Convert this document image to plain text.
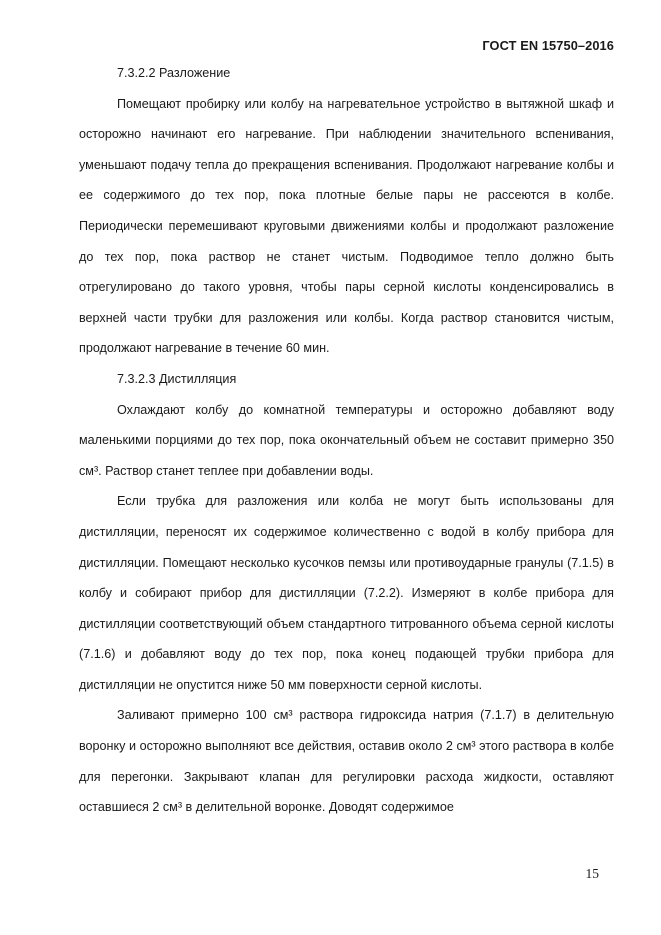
ГОСТ EN 15750–2016

7.3.2.2 Разложение

Помещают пробирку или колбу на нагревательное устройство в вытяжной шкаф и осторожно начинают его нагревание. При наблюдении значительного вспенивания, уменьшают подачу тепла до прекращения вспенивания. Продолжают нагревание колбы и ее содержимого до тех пор, пока плотные белые пары не рассеются в колбе. Периодически перемешивают круговыми движениями колбы и продолжают разложение до тех пор, пока раствор не станет чистым. Подводимое тепло должно быть отрегулировано до такого уровня, чтобы пары серной кислоты конденсировались в верхней части трубки для разложения или колбы. Когда раствор становится чистым, продолжают нагревание в течение 60 мин.

7.3.2.3 Дистилляция

Охлаждают колбу до комнатной температуры и осторожно добавляют воду маленькими порциями до тех пор, пока окончательный объем не составит примерно 350 см³. Раствор станет теплее при добавлении воды.

Если трубка для разложения или колба не могут быть использованы для дистилляции, переносят их содержимое количественно с водой в колбу прибора для дистилляции. Помещают несколько кусочков пемзы или противоударные гранулы (7.1.5) в колбу и собирают прибор для дистилляции (7.2.2). Измеряют в колбе прибора для дистилляции соответствующий объем стандартного титрованного объема серной кислоты (7.1.6) и добавляют воду до тех пор, пока конец подающей трубки прибора для дистилляции не опустится ниже 50 мм поверхности серной кислоты.

Заливают примерно 100 см³ раствора гидроксида натрия (7.1.7) в делительную воронку и осторожно выполняют все действия, оставив около 2 см³ этого раствора в колбе для перегонки. Закрывают клапан для регулировки расхода жидкости, оставляют оставшиеся 2 см³ в делительной воронке. Доводят содержимое

15
